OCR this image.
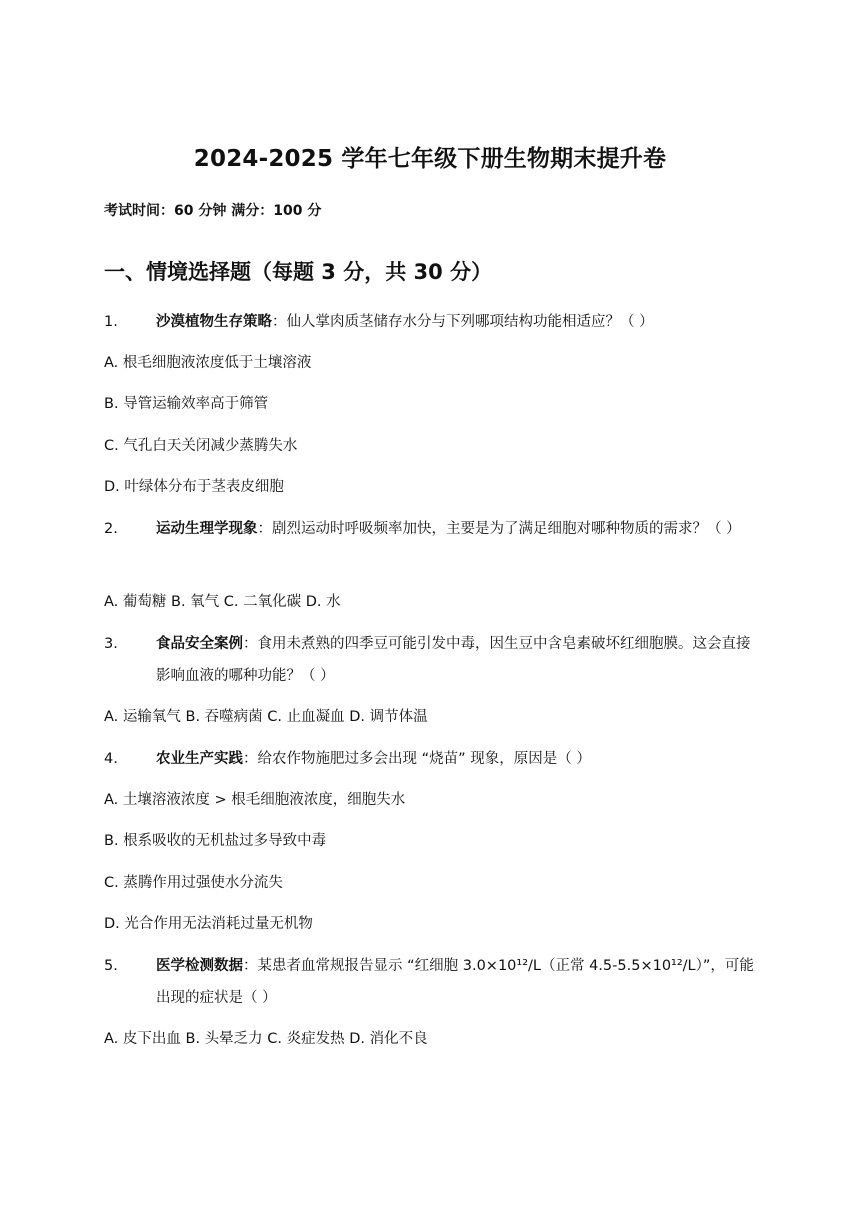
2024-2025 学年七年级下册生物期末提升卷
考试时间：60 分钟 满分：100 分
一、情境选择题（每题 3 分，共 30 分）
1.	沙漠植物生存策略：仙人掌肉质茎储存水分与下列哪项结构功能相适应？（ ）
A. 根毛细胞液浓度低于土壤溶液
B. 导管运输效率高于筛管
C. 气孔白天关闭减少蒸腾失水
D. 叶绿体分布于茎表皮细胞
2.	运动生理学现象：剧烈运动时呼吸频率加快，主要是为了满足细胞对哪种物质的需求？（ ）
A. 葡萄糖 B. 氧气 C. 二氧化碳 D. 水
3.	食品安全案例：食用未煮熟的四季豆可能引发中毒，因生豆中含皂素破坏红细胞膜。这会直接影响血液的哪种功能？（ ）
A. 运输氧气 B. 吞噬病菌 C. 止血凝血 D. 调节体温
4.	农业生产实践：给农作物施肥过多会出现 “烧苗” 现象，原因是（ ）
A. 土壤溶液浓度 > 根毛细胞液浓度，细胞失水
B. 根系吸收的无机盐过多导致中毒
C. 蒸腾作用过强使水分流失
D. 光合作用无法消耗过量无机物
5.	医学检测数据：某患者血常规报告显示 “红细胞 3.0×10¹²/L（正常 4.5-5.5×10¹²/L）”，可能出现的症状是（ ）
A. 皮下出血 B. 头晕乏力 C. 炎症发热 D. 消化不良
